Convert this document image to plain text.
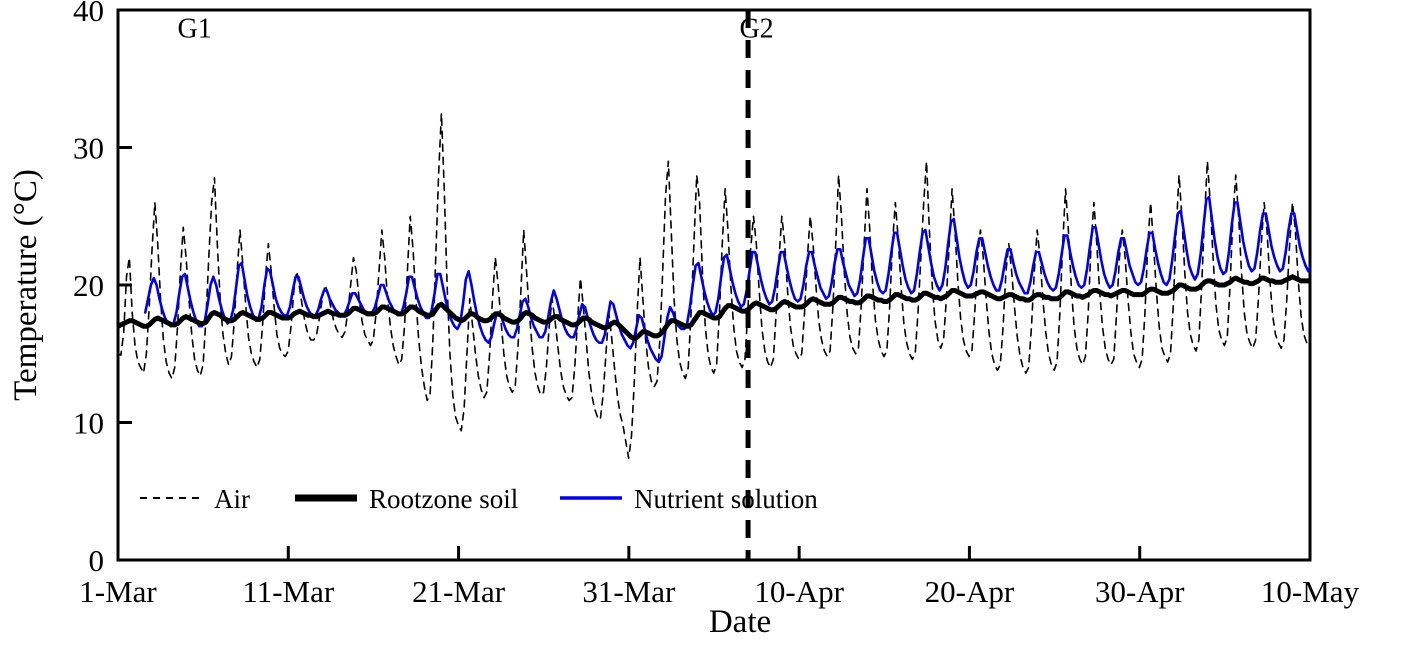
0
10
20
30
40
1-Mar	11-Mar	21-Mar 31-Mar	10-Apr	20-Apr	30-Apr 10-May
G1	G2
Air	Rootzone soil	Nutrient solution
Temperature (°C)
Date
